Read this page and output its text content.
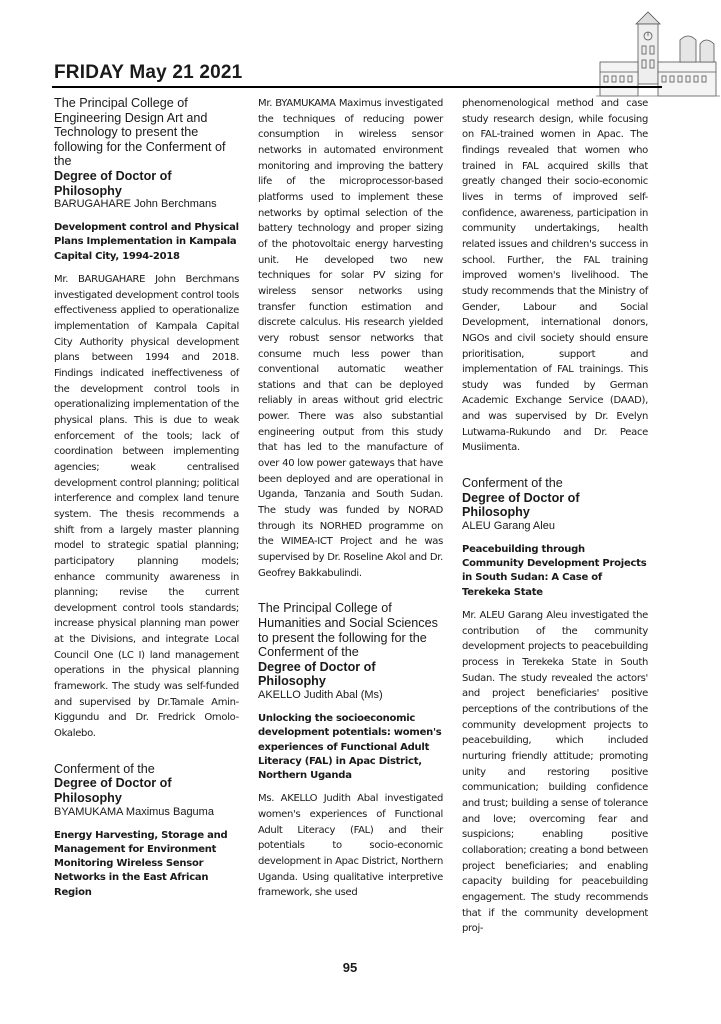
FRIDAY May 21 2021

The Principal College of Engineering Design Art and Technology to present the following for the Conferment of the

Degree of Doctor of Philosophy

BARUGAHARE John Berchmans

Development control and Physical Plans Implementation in Kampala Capital City, 1994-2018

Mr. BARUGAHARE John Berchmans investigated development control tools effectiveness applied to operationalize implementation of Kampala Capital City Authority physical development plans between 1994 and 2018. Findings indicated ineffectiveness of the development control tools in operationalizing implementation of the physical plans. This is due to weak enforcement of the tools; lack of coordination between implementing agencies; weak centralised development control planning; political interference and complex land tenure system. The thesis recommends a shift from a largely master planning model to strategic spatial planning; participatory planning models; enhance community awareness in planning; revise the current development control tools standards; increase physical planning man power at the Divisions, and integrate Local Council One (LC I) land management operations in the physical planning framework. The study was self-funded and supervised by Dr.Tamale Amin-Kiggundu and Dr. Fredrick Omolo-Okalebo.

Conferment of the

Degree of Doctor of Philosophy

BYAMUKAMA Maximus Baguma

Energy Harvesting, Storage and Management for Environment Monitoring Wireless Sensor Networks in the East African Region

Mr. BYAMUKAMA Maximus investigated the techniques of reducing power consumption in wireless sensor networks in automated environment monitoring and improving the battery life of the microprocessor-based platforms used to implement these networks by optimal selection of the battery technology and proper sizing of the photovoltaic energy harvesting unit. He developed two new techniques for solar PV sizing for wireless sensor networks using transfer function estimation and discrete calculus. His research yielded very robust sensor networks that consume much less power than conventional automatic weather stations and that can be deployed reliably in areas without grid electric power. There was also substantial engineering output from this study that has led to the manufacture of over 40 low power gateways that have been deployed and are operational in Uganda, Tanzania and South Sudan. The study was funded by NORAD through its NORHED programme on the WIMEA-ICT Project and he was supervised by Dr. Roseline Akol and Dr. Geofrey Bakkabulindi.

The Principal College of Humanities and Social Sciences to present the following for the Conferment of the

Degree of Doctor of Philosophy

AKELLO Judith Abal (Ms)

Unlocking the socioeconomic development potentials: women's experiences of Functional Adult Literacy (FAL) in Apac District, Northern Uganda

Ms. AKELLO Judith Abal investigated women's experiences of Functional Adult Literacy (FAL) and their potentials to socio-economic development in Apac District, Northern Uganda. Using qualitative interpretive framework, she used

phenomenological method and case study research design, while focusing on FAL-trained women in Apac. The findings revealed that women who trained in FAL acquired skills that greatly changed their socio-economic lives in terms of improved self-confidence, awareness, participation in community undertakings, health related issues and children's success in school. Further, the FAL training improved women's livelihood. The study recommends that the Ministry of Gender, Labour and Social Development, international donors, NGOs and civil society should ensure prioritisation, support and implementation of FAL trainings. This study was funded by German Academic Exchange Service (DAAD), and was supervised by Dr. Evelyn Lutwama-Rukundo and Dr. Peace Musiimenta.

Conferment of the

Degree of Doctor of Philosophy

ALEU Garang Aleu

Peacebuilding through Community Development Projects in South Sudan: A Case of Terekeka State

Mr. ALEU Garang Aleu investigated the contribution of the community development projects to peacebuilding process in Terekeka State in South Sudan. The study revealed the actors' and project beneficiaries' positive perceptions of the contributions of the community development projects to peacebuilding, which included nurturing friendly attitude; promoting unity and restoring positive communication; building confidence and trust; building a sense of tolerance and love; overcoming fear and suspicions; enabling positive collaboration; creating a bond between project beneficiaries; and enabling capacity building for peacebuilding engagement. The study recommends that if the community development proj-

95
